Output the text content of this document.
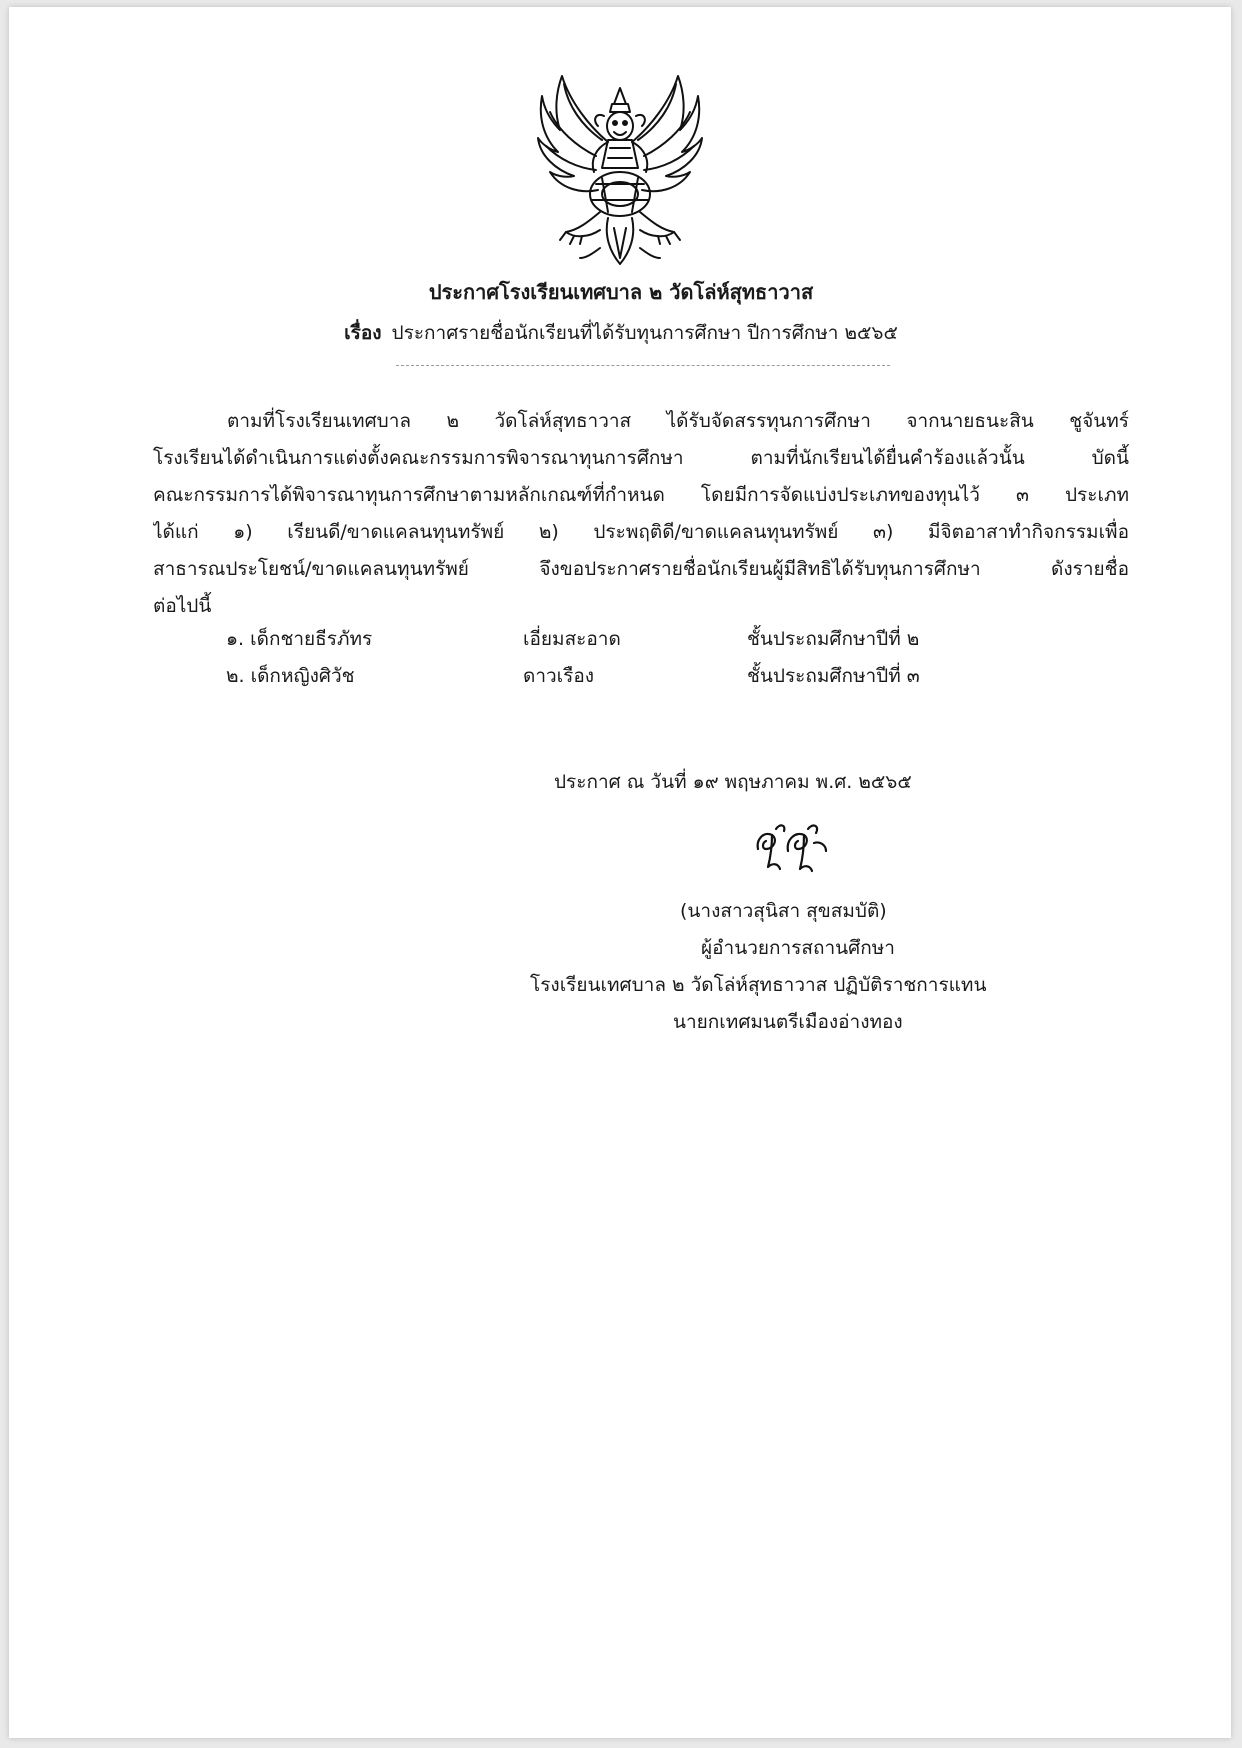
ประกาศโรงเรียนเทศบาล ๒ วัดโล่ห์สุทธาวาส
เรื่อง ประกาศรายชื่อนักเรียนที่ได้รับทุนการศึกษา ปีการศึกษา ๒๕๖๕
ตามที่โรงเรียนเทศบาล ๒ วัดโล่ห์สุทธาวาส ได้รับจัดสรรทุนการศึกษา จากนายธนะสิน ชูจันทร์
โรงเรียนได้ดำเนินการแต่งตั้งคณะกรรมการพิจารณาทุนการศึกษา ตามที่นักเรียนได้ยื่นคำร้องแล้วนั้น บัดนี้
คณะกรรมการได้พิจารณาทุนการศึกษาตามหลักเกณฑ์ที่กำหนด โดยมีการจัดแบ่งประเภทของทุนไว้ ๓ ประเภท
ได้แก่ ๑) เรียนดี/ขาดแคลนทุนทรัพย์ ๒) ประพฤติดี/ขาดแคลนทุนทรัพย์ ๓) มีจิตอาสาทำกิจกรรมเพื่อ
สาธารณประโยชน์/ขาดแคลนทุนทรัพย์ จึงขอประกาศรายชื่อนักเรียนผู้มีสิทธิได้รับทุนการศึกษา ดังรายชื่อ
ต่อไปนี้
๑. เด็กชายธีรภัทร	เอี่ยมสะอาด	ชั้นประถมศึกษาปีที่ ๒
๒. เด็กหญิงศิวัช	ดาวเรือง	ชั้นประถมศึกษาปีที่ ๓
ประกาศ ณ วันที่ ๑๙ พฤษภาคม พ.ศ. ๒๕๖๕
(นางสาวสุนิสา สุขสมบัติ)
ผู้อำนวยการสถานศึกษา
โรงเรียนเทศบาล ๒ วัดโล่ห์สุทธาวาส ปฏิบัติราชการแทน
นายกเทศมนตรีเมืองอ่างทอง
